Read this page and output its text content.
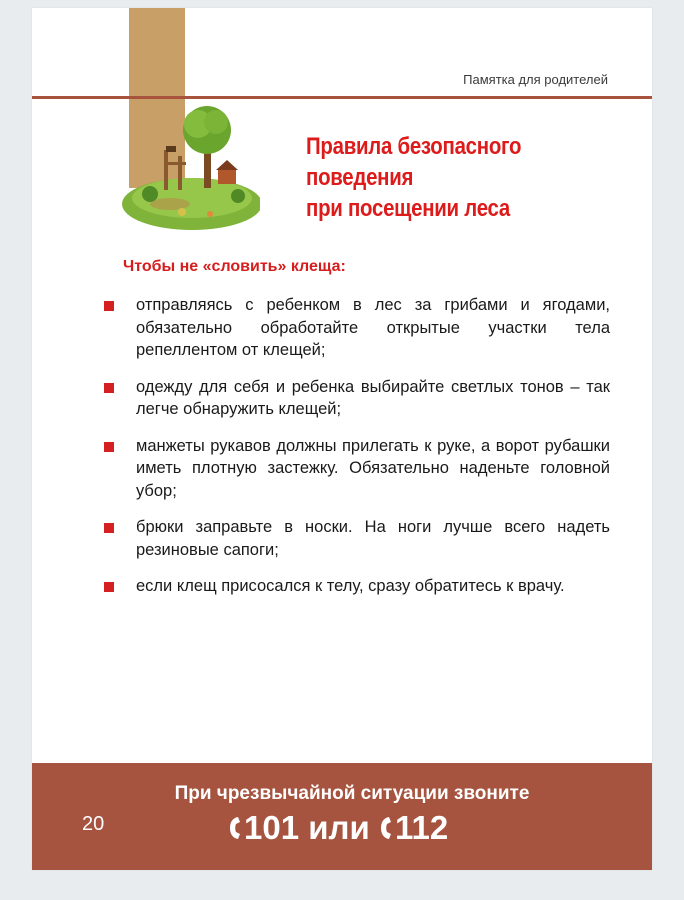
Памятка для родителей
Правила безопасного
поведения
при посещении леса
Чтобы не «словить» клеща:
отправляясь с ребенком в лес за грибами и ягодами, обязательно обработайте открытые участки тела репеллентом от клещей;
одежду для себя и ребенка выбирайте светлых тонов – так легче обнаружить клещей;
манжеты рукавов должны прилегать к руке, а ворот рубашки иметь плотную застежку. Обязательно наденьте головной убор;
брюки заправьте в носки. На ноги лучше всего надеть резиновые сапоги;
если клещ присосался к телу, сразу обратитесь к врачу.
При чрезвычайной ситуации звоните
20	101 или 112
